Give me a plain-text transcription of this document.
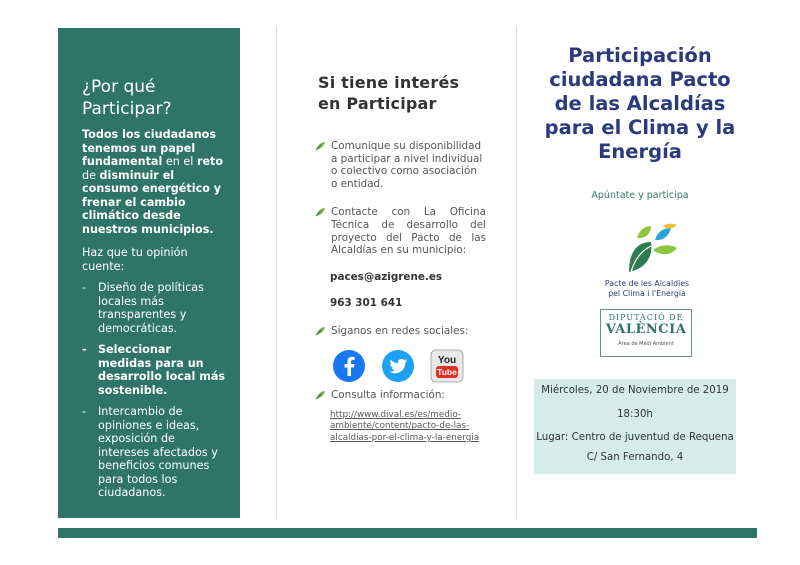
¿Por qué
Participar?

Todos los ciudadanos tenemos un papel fundamental en el reto de disminuir el consumo energético y frenar el cambio climático desde nuestros municipios.

Haz que tu opinión cuente:

- Diseño de políticas locales más transparentes y democráticas.
- Seleccionar medidas para un desarrollo local más sostenible.
- Intercambio de opiniones e ideas, exposición de intereses afectados y beneficios comunes para todos los ciudadanos.
Si tiene interés en Participar
Comunique su disponibilidad a participar a nivel individual o colectivo como asociación o entidad.
Contacte con La Oficina Técnica de desarrollo del proyecto del Pacto de las Alcaldías en su municipio:
paces@azigrene.es
963 301 641
Síganos en redes sociales:
You
Tube
Consulta información:
http://www.dival.es/es/medio-ambiente/content/pacto-de-las-alcaldias-por-el-clima-y-la-energia
Participación ciudadana Pacto de las Alcaldías para el Clima y la Energía
Apúntate y participa
Pacte de les Alcaldies
pel Clima i l'Energia
DIPUTACIÓ DE
VALÈNCIA
Àrea de Medi Ambient
Miércoles, 20 de Noviembre de 2019
18:30h
Lugar: Centro de juventud de Requena
C/ San Fernando, 4
